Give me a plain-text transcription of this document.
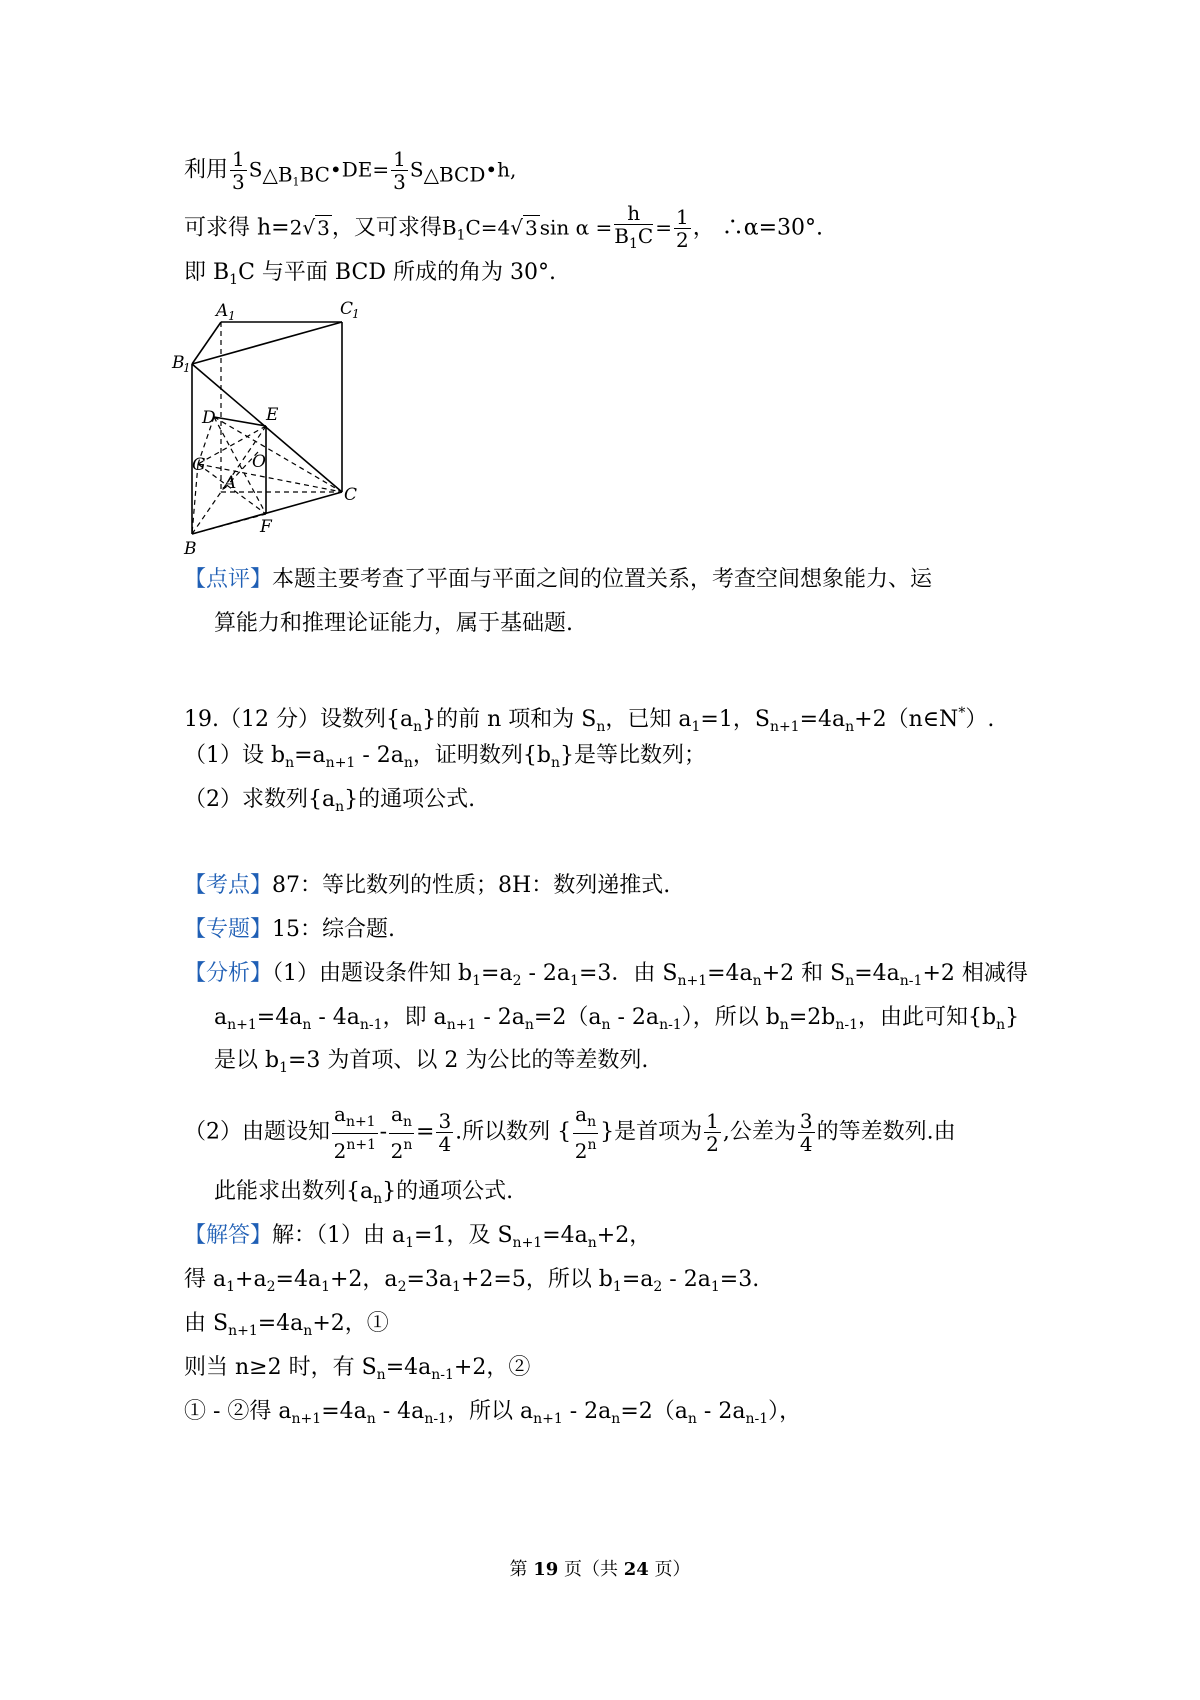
利用 $\frac{1}{3}$ $S\triangle B_1BC•DE= \frac{1}{3}$ S△BCD•h,
可求得 h=2√ 3，又可求得$B_1C=4√$ 3 $\sin \alpha = \frac{h}{B_1C} = \frac{1}{2}$ ， ∴α=30°.
即 $B_1C$ 与平面 BCD 所成的角为 30°.
A 1	C
1
B
1
D	E
G	O
A
C
F
B
【点评】本题主要考查了平面与平面之间的位置关系，考查空间想象能力、运
算能力和推理论证能力，属于基础题.
19.（12 分）设数列$\{a_n\}$的前 n 项和为 $S_n$，已知 $a_1=1$，$S_{n+1}=4a_n+2(n\in N^*)$.
（1）设 $b_n=a_{n+1}$ ‐ $2a_n$，证明数列$\{b_n\}$是等比数列；
（2）求数列$\{a_n\}$的通项公式.
【考点】87：等比数列的性质；8H：数列递推式.
【专题】15：综合题.
【分析】（1）由题设条件知 $b_1=a_2$ ‐ $2a_1=3$．由 $S_{n+1}=4a_n+2$ 和 $S_n=4a_{n‐1}+2$ 相减得
$a_{n+1}=4a_n$ ‐ $4a_{n‐1}$，即 $a_{n+1}$ ‐ $2a_n=2(a_n$ ‐ $2a_{n‐1}$），所以 $b_n=2b_{n‐1}$，由此可知$\{b_n\}$
是以 $b_1=3$ 为首项、以 2 为公比的等差数列.
（2）由题设知 $\frac{a_{n+1}}{2^{n+1}}$ ‐ $\frac{a_n}{2^n} = \frac{3}{4}$ .所以数列 { $\frac{a_n}{2^n}$ }是首项为 $\frac{1}{2}$ ,公差为 $\frac{3}{4}$ 的等差数列.由
此能求出数列$\{a_n\}$的通项公式.
【解答】解：（1）由 $a_1=1$，及 $S_{n+1}=4a_n+2$，
得 $a_1+a_2=4a_1+2$，$a_2=3a_1+2=5$，所以 $b_1=a_2$ ‐ $2a_1=3$.
由 $S_{n+1}=4a_n+2$，①
则当 n≥2 时，有 $S_n=4a_{n‐1}+2$，②
① ‐ ②得 $a_{n+1}=4a_n$ ‐ $4a_{n‐1}$，所以 $a_{n+1}$ ‐ $2a_n=2(a_n$ ‐ $2a_{n‐1}$），
第 19 页（共 24 页）
